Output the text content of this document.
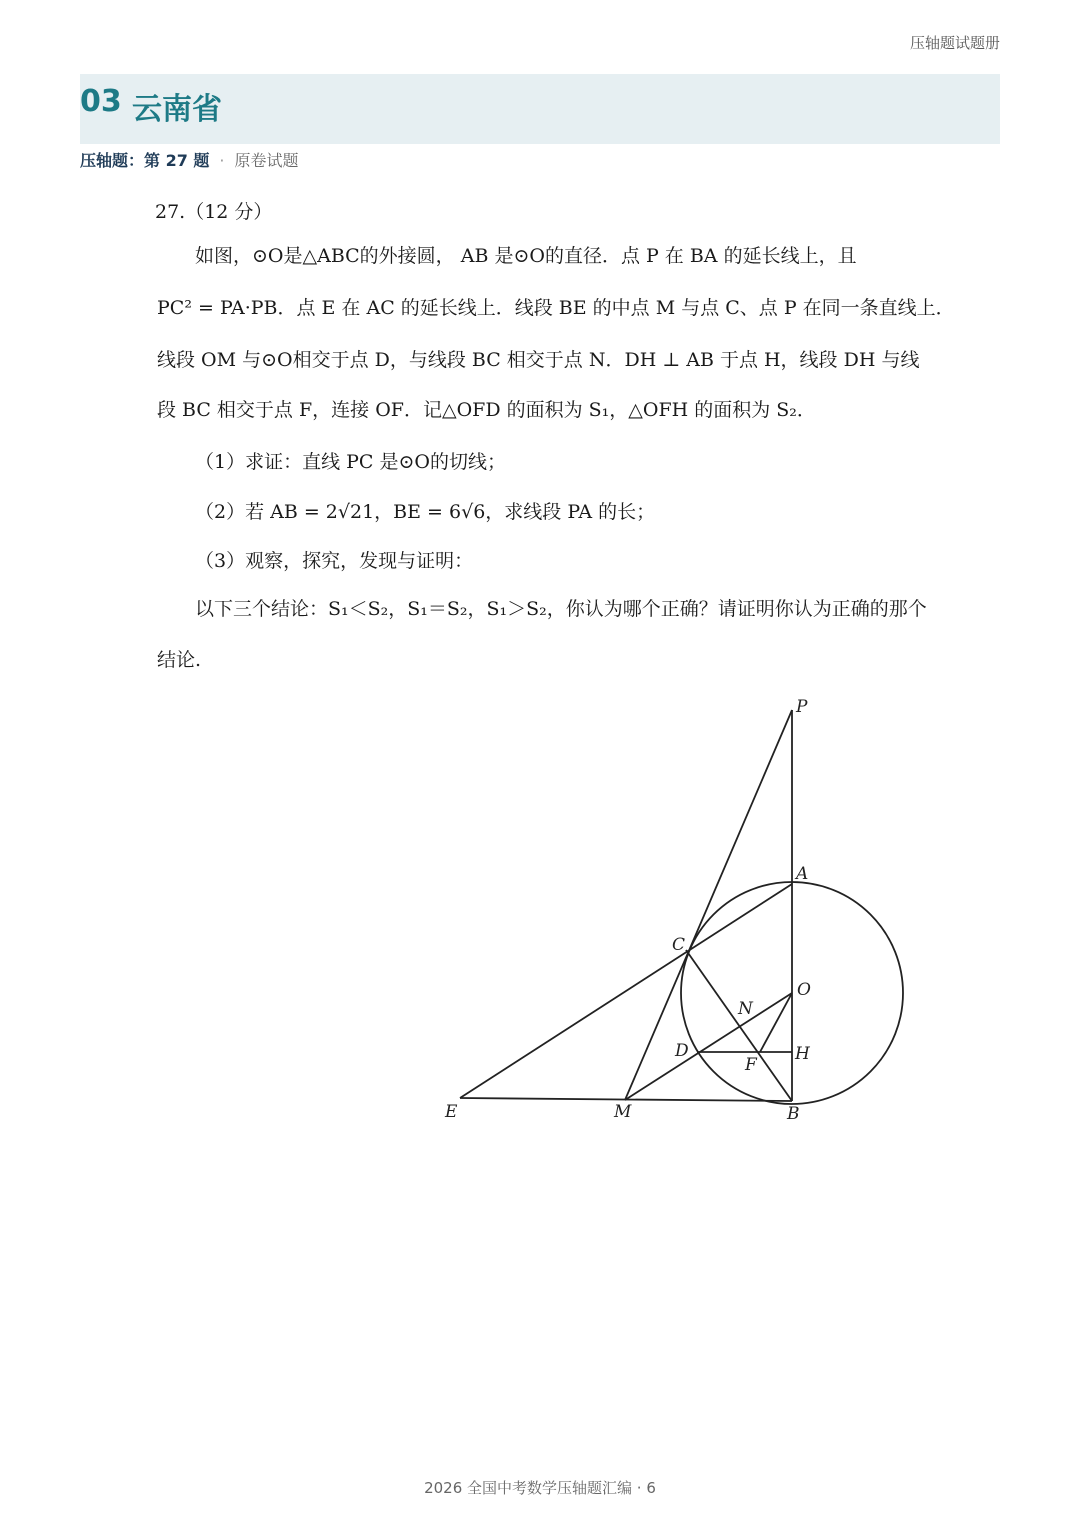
压轴题试题册
03 云南省
压轴题：第 27 题 · 原卷试题
27.（12 分）
如图，⊙O是△ABC的外接圆， AB 是⊙O的直径．点 P 在 BA 的延长线上，且
PC² = PA·PB．点 E 在 AC 的延长线上．线段 BE 的中点 M 与点 C、点 P 在同一条直线上．
线段 OM 与⊙O相交于点 D，与线段 BC 相交于点 N．DH ⊥ AB 于点 H，线段 DH 与线
段 BC 相交于点 F，连接 OF．记△OFD 的面积为 S₁，△OFH 的面积为 S₂．
（1）求证：直线 PC 是⊙O的切线；
（2）若 AB = 2√21，BE = 6√6，求线段 PA 的长；
（3）观察，探究，发现与证明：
以下三个结论：S₁＜S₂，S₁＝S₂，S₁＞S₂，你认为哪个正确？请证明你认为正确的那个
结论.
P
A
C
O
N
D
F
H
E	M	B
2026 全国中考数学压轴题汇编 · 6
